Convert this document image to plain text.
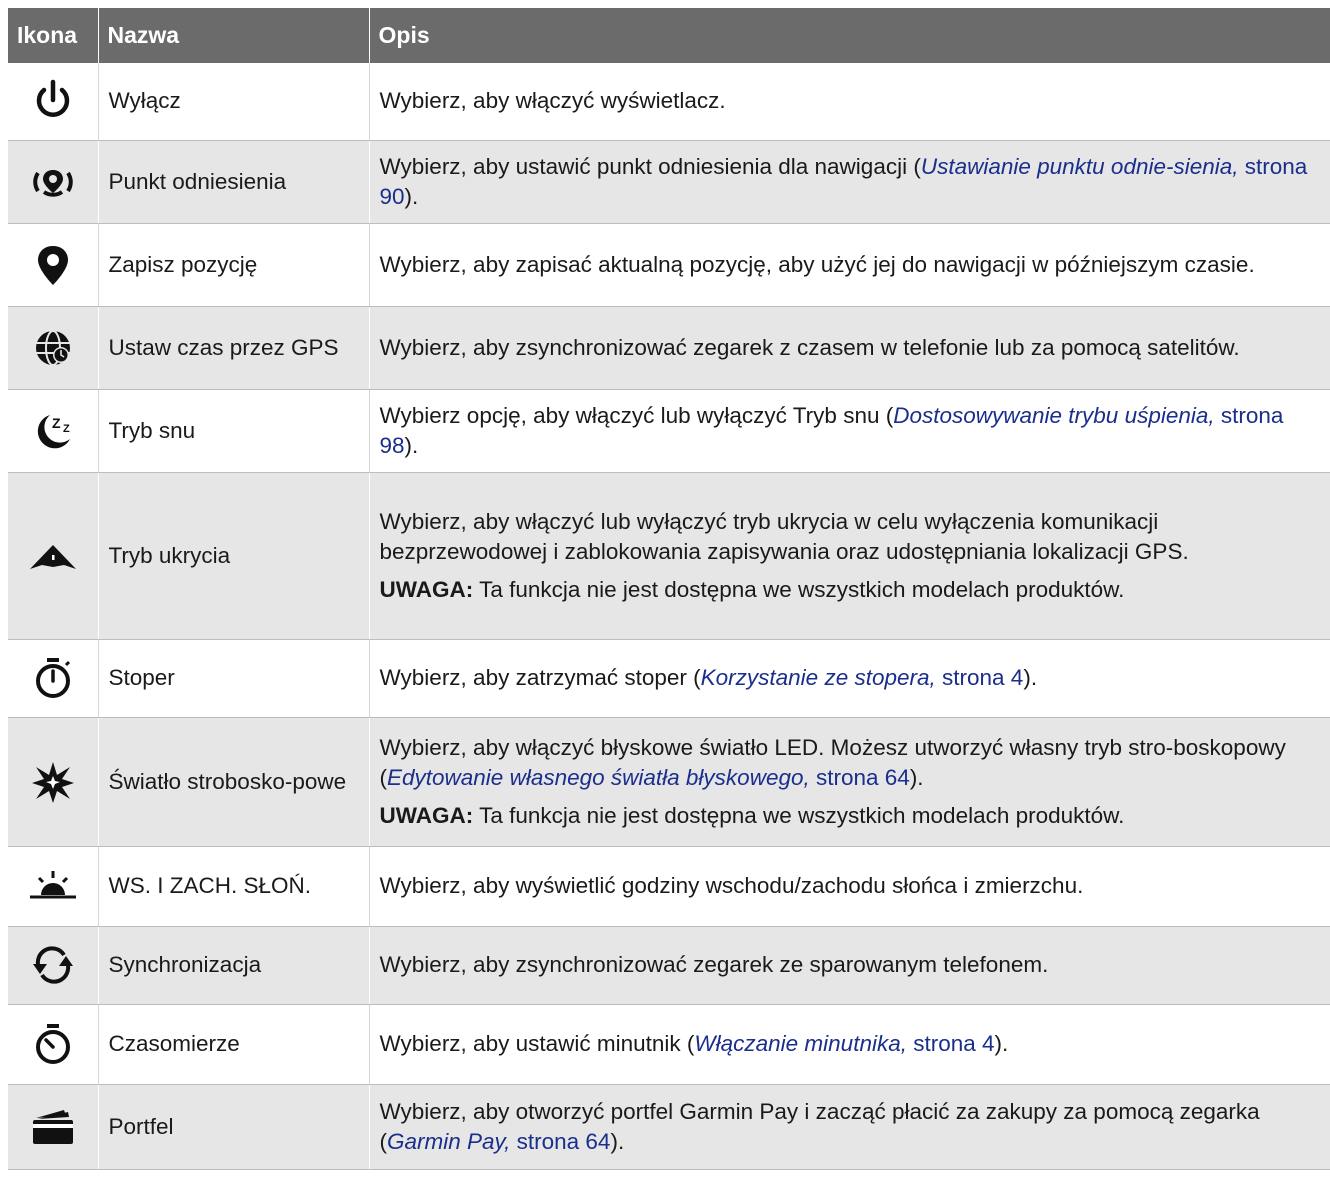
Ikona	Nazwa	Opis

	Wyłącz	Wybierz, aby włączyć wyświetlacz.

	Punkt odniesienia	Wybierz, aby ustawić punkt odniesienia dla nawigacji (Ustawianie punktu odnie-sienia, strona 90).

	Zapisz pozycję	Wybierz, aby zapisać aktualną pozycję, aby użyć jej do nawigacji w późniejszym czasie.

	Ustaw czas przez GPS	Wybierz, aby zsynchronizować zegarek z czasem w telefonie lub za pomocą satelitów.

Z Z	Tryb snu	Wybierz opcję, aby włączyć lub wyłączyć Tryb snu (Dostosowywanie trybu uśpienia, strona 98).

	Tryb ukrycia	Wybierz, aby włączyć lub wyłączyć tryb ukrycia w celu wyłączenia komunikacji bezprzewodowej i zablokowania zapisywania oraz udostępniania lokalizacji GPS.

UWAGA: Ta funkcja nie jest dostępna we wszystkich modelach produktów.

	Stoper	Wybierz, aby zatrzymać stoper (Korzystanie ze stopera, strona 4).

	Światło strobosko-powe	Wybierz, aby włączyć błyskowe światło LED. Możesz utworzyć własny tryb stro-boskopowy (Edytowanie własnego światła błyskowego, strona 64).

UWAGA: Ta funkcja nie jest dostępna we wszystkich modelach produktów.

	WS. I ZACH. SŁOŃ.	Wybierz, aby wyświetlić godziny wschodu/zachodu słońca i zmierzchu.

	Synchronizacja	Wybierz, aby zsynchronizować zegarek ze sparowanym telefonem.

	Czasomierze	Wybierz, aby ustawić minutnik (Włączanie minutnika, strona 4).

	Portfel	Wybierz, aby otworzyć portfel Garmin Pay i zacząć płacić za zakupy za pomocą zegarka (Garmin Pay, strona 64).
